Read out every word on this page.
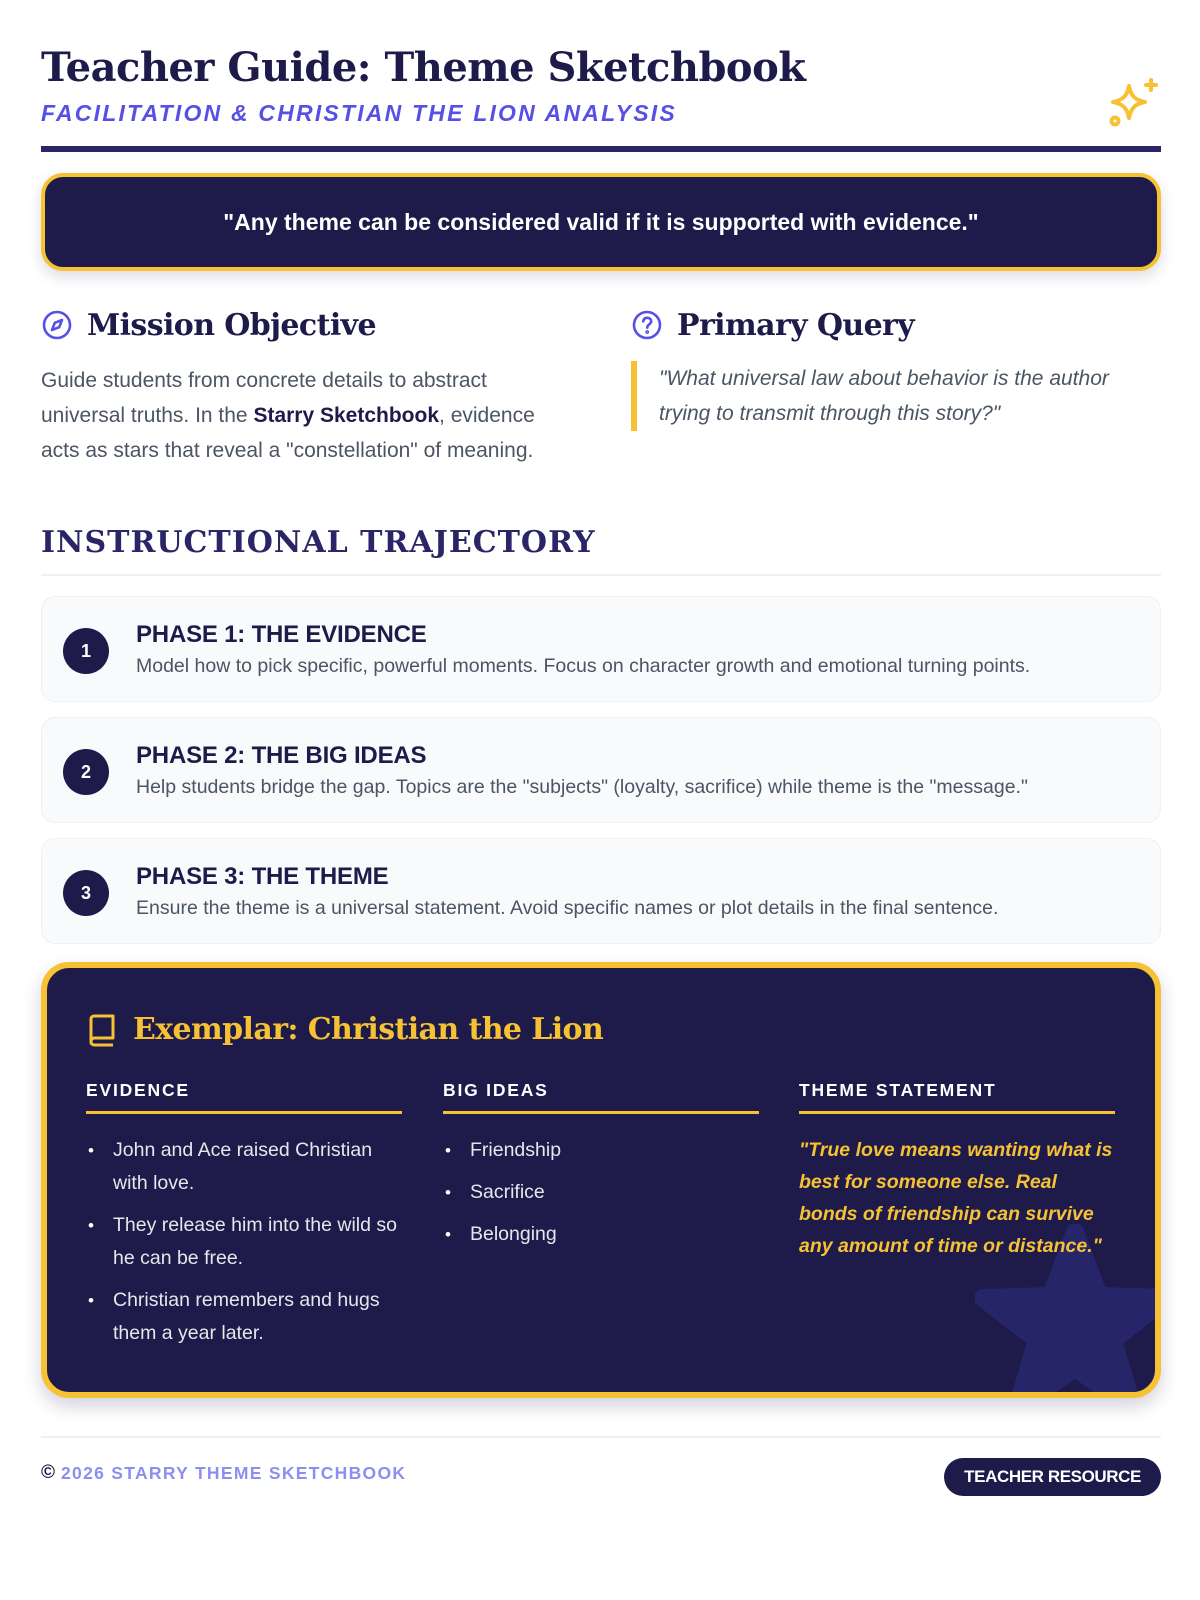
Teacher Guide: Theme Sketchbook
FACILITATION & CHRISTIAN THE LION ANALYSIS
"Any theme can be considered valid if it is supported with evidence."
Mission Objective

Guide students from concrete details to abstract universal truths. In the Starry Sketchbook, evidence acts as stars that reveal a "constellation" of meaning.

Primary Query

"What universal law about behavior is the author trying to transmit through this story?"

INSTRUCTIONAL TRAJECTORY
1
PHASE 1: THE EVIDENCE
Model how to pick specific, powerful moments. Focus on character growth and emotional turning points.
2
PHASE 2: THE BIG IDEAS
Help students bridge the gap. Topics are the "subjects" (loyalty, sacrifice) while theme is the "message."
3
PHASE 3: THE THEME
Ensure the theme is a universal statement. Avoid specific names or plot details in the final sentence.
Exemplar: Christian the Lion
EVIDENCE
• John and Ace raised Christian with love.
• They release him into the wild so he can be free.
• Christian remembers and hugs them a year later.
BIG IDEAS
• Friendship
• Sacrifice
• Belonging
THEME STATEMENT

"True love means wanting what is best for someone else. Real bonds of friendship can survive any amount of time or distance."

© 2026 STARRY THEME SKETCHBOOK	TEACHER RESOURCE
